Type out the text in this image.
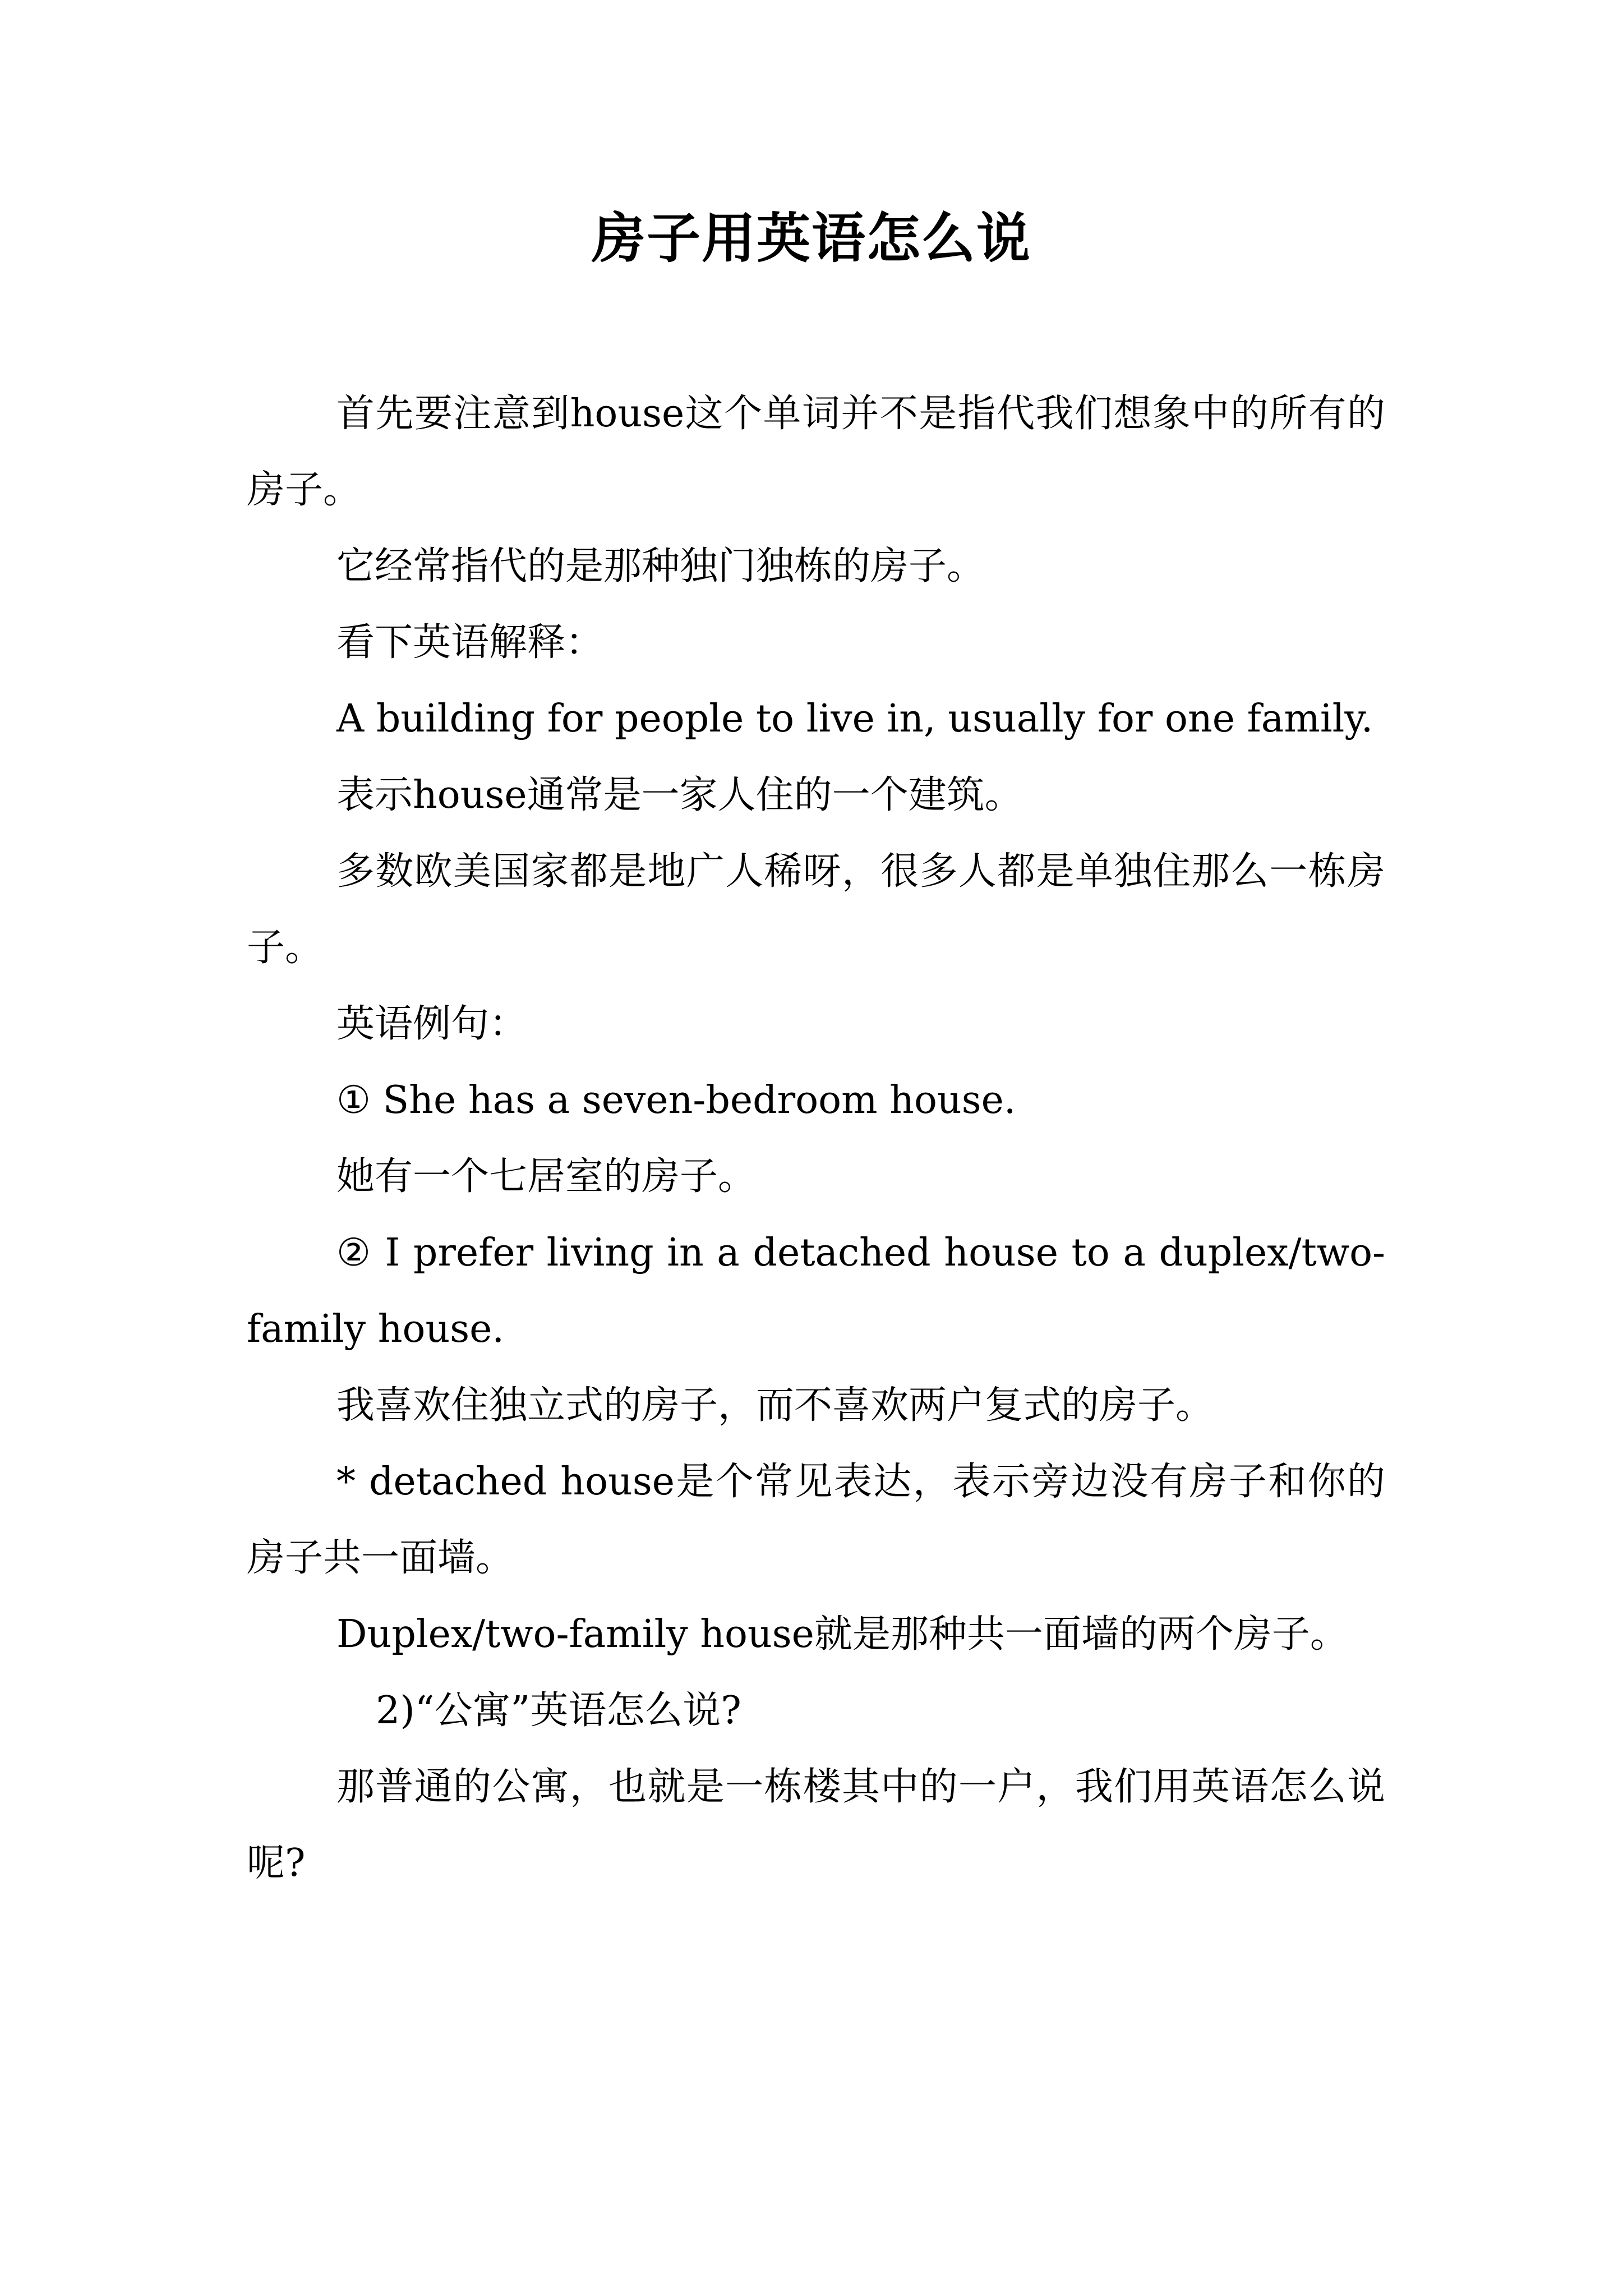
房子用英语怎么说

首先要注意到house这个单词并不是指代我们想象中的所有的房子。

它经常指代的是那种独门独栋的房子。

看下英语解释：

A building for people to live in, usually for one family.

表示house通常是一家人住的一个建筑。

多数欧美国家都是地广人稀呀，很多人都是单独住那么一栋房子。

英语例句：

① She has a seven-bedroom house.

她有一个七居室的房子。

② I prefer living in a detached house to a duplex/two-family house.

我喜欢住独立式的房子，而不喜欢两户复式的房子。

* detached house是个常见表达，表示旁边没有房子和你的房子共一面墙。

Duplex/two-family house就是那种共一面墙的两个房子。

2)“公寓”英语怎么说?

那普通的公寓，也就是一栋楼其中的一户，我们用英语怎么说呢?
